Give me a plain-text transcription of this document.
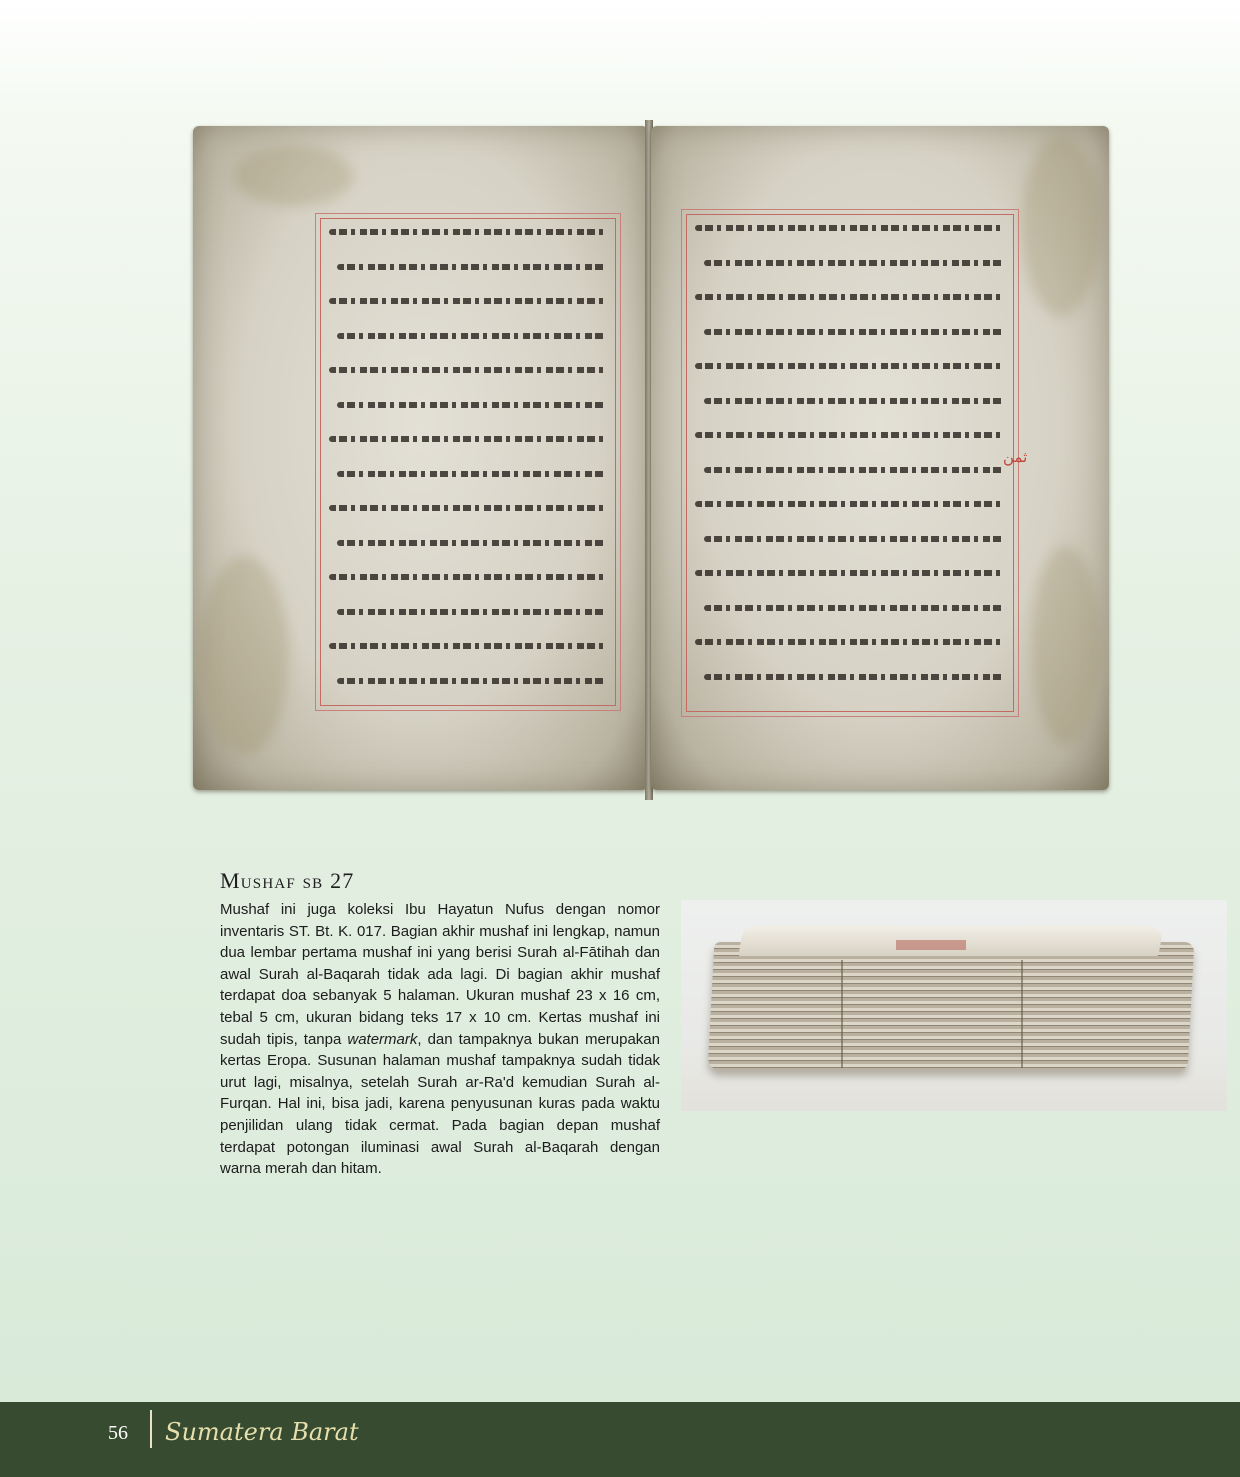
ثمن
Mushaf sb 27

Mushaf ini juga koleksi Ibu Hayatun Nufus dengan nomor inventaris ST. Bt. K. 017. Bagian akhir mushaf ini lengkap, namun dua lembar pertama mushaf ini yang berisi Surah al-Fātihah dan awal Surah al-Baqarah tidak ada lagi. Di bagian akhir mushaf terdapat doa sebanyak 5 halaman. Ukuran mushaf 23 x 16 cm, tebal 5 cm, ukuran bidang teks 17 x 10 cm. Kertas mushaf ini sudah tipis, tanpa watermark, dan tampaknya bukan merupakan kertas Eropa. Susunan halaman mushaf tampaknya sudah tidak urut lagi, misalnya, setelah Surah ar-Ra'd kemudian Surah al-Furqan. Hal ini, bisa jadi, karena penyusunan kuras pada waktu penjilidan ulang tidak cermat. Pada bagian depan mushaf terdapat potongan iluminasi awal Surah al-Baqarah dengan warna merah dan hitam.

56 Sumatera Barat
